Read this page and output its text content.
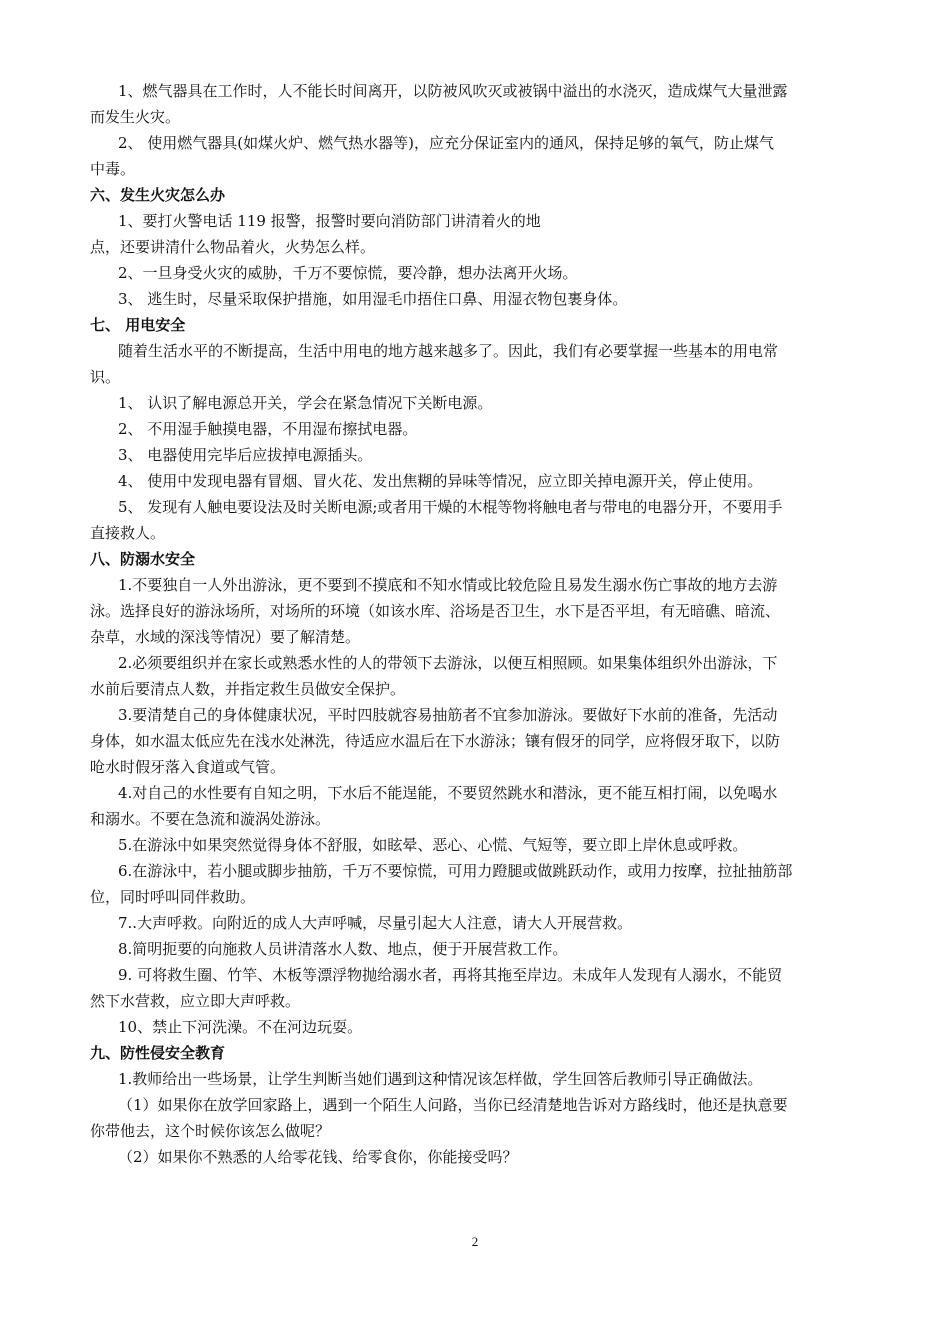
1、燃气器具在工作时，人不能长时间离开，以防被风吹灭或被锅中溢出的水浇灭，造成煤气大量泄露
而发生火灾。
2、 使用燃气器具(如煤火炉、燃气热水器等)，应充分保证室内的通风，保持足够的氧气，防止煤气
中毒。
六、发生火灾怎么办
1、要打火警电话 119 报警，报警时要向消防部门讲清着火的地
点，还要讲清什么物品着火，火势怎么样。
2、一旦身受火灾的威胁，千万不要惊慌，要冷静，想办法离开火场。
3、 逃生时，尽量采取保护措施，如用湿毛巾捂住口鼻、用湿衣物包裹身体。
七、 用电安全
随着生活水平的不断提高，生活中用电的地方越来越多了。因此，我们有必要掌握一些基本的用电常
识。
1、 认识了解电源总开关，学会在紧急情况下关断电源。
2、 不用湿手触摸电器，不用湿布擦拭电器。
3、 电器使用完毕后应拔掉电源插头。
4、 使用中发现电器有冒烟、冒火花、发出焦糊的异味等情况，应立即关掉电源开关，停止使用。
5、 发现有人触电要设法及时关断电源;或者用干燥的木棍等物将触电者与带电的电器分开，不要用手
直接救人。
八、防溺水安全
1.不要独自一人外出游泳，更不要到不摸底和不知水情或比较危险且易发生溺水伤亡事故的地方去游
泳。选择良好的游泳场所，对场所的环境（如该水库、浴场是否卫生，水下是否平坦，有无暗礁、暗流、
杂草，水域的深浅等情况）要了解清楚。
2.必须要组织并在家长或熟悉水性的人的带领下去游泳，以便互相照顾。如果集体组织外出游泳，下
水前后要清点人数，并指定救生员做安全保护。
3.要清楚自己的身体健康状况，平时四肢就容易抽筋者不宜参加游泳。要做好下水前的准备，先活动
身体，如水温太低应先在浅水处淋洗，待适应水温后在下水游泳；镶有假牙的同学，应将假牙取下，以防
呛水时假牙落入食道或气管。
4.对自己的水性要有自知之明，下水后不能逞能，不要贸然跳水和潜泳，更不能互相打闹，以免喝水
和溺水。不要在急流和漩涡处游泳。
5.在游泳中如果突然觉得身体不舒服，如眩晕、恶心、心慌、气短等，要立即上岸休息或呼救。
6.在游泳中，若小腿或脚步抽筋，千万不要惊慌，可用力蹬腿或做跳跃动作，或用力按摩，拉扯抽筋部
位，同时呼叫同伴救助。
7..大声呼救。向附近的成人大声呼喊，尽量引起大人注意，请大人开展营救。
8.简明扼要的向施救人员讲清落水人数、地点，便于开展营救工作。
9. 可将救生圈、竹竿、木板等漂浮物抛给溺水者，再将其拖至岸边。未成年人发现有人溺水，不能贸
然下水营救，应立即大声呼救。
10、禁止下河洗澡。不在河边玩耍。
九、防性侵安全教育
1.教师给出一些场景，让学生判断当她们遇到这种情况该怎样做，学生回答后教师引导正确做法。
（1）如果你在放学回家路上，遇到一个陌生人问路，当你已经清楚地告诉对方路线时，他还是执意要
你带他去，这个时候你该怎么做呢？
（2）如果你不熟悉的人给零花钱、给零食你，你能接受吗？
2
